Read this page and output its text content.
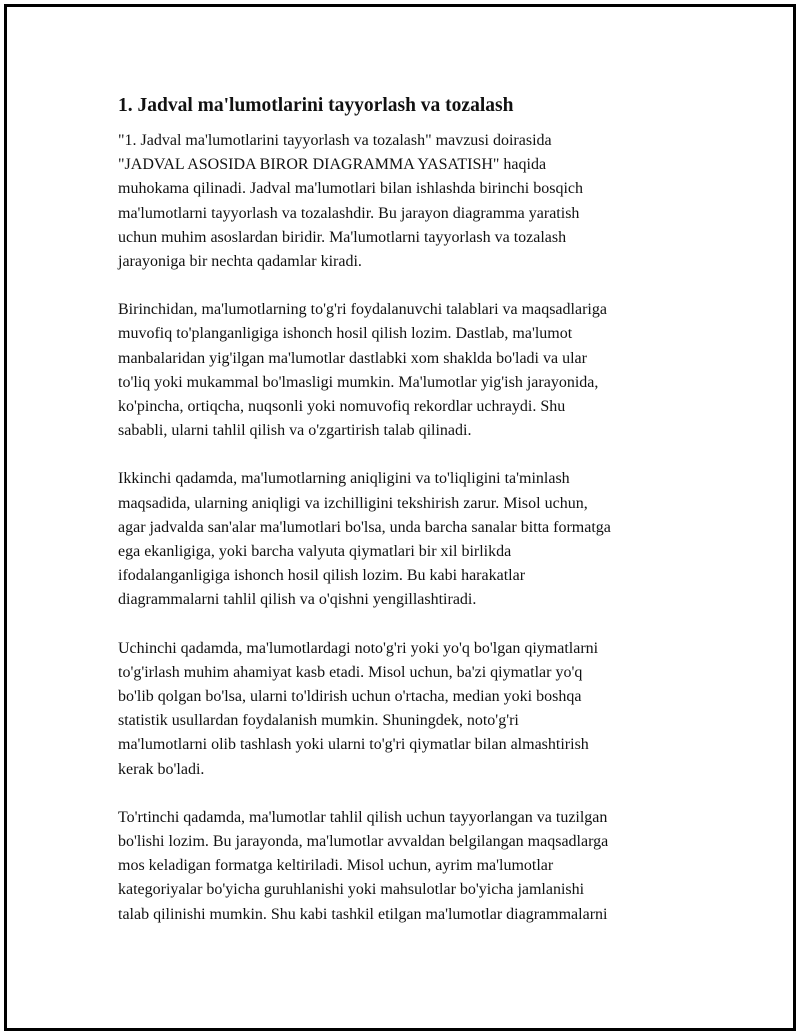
1. Jadval ma'lumotlarini tayyorlash va tozalash

"1. Jadval ma'lumotlarini tayyorlash va tozalash" mavzusi doirasida
"JADVAL ASOSIDA BIROR DIAGRAMMA YASATISH" haqida
muhokama qilinadi. Jadval ma'lumotlari bilan ishlashda birinchi bosqich
ma'lumotlarni tayyorlash va tozalashdir. Bu jarayon diagramma yaratish
uchun muhim asoslardan biridir. Ma'lumotlarni tayyorlash va tozalash
jarayoniga bir nechta qadamlar kiradi.

Birinchidan, ma'lumotlarning to'g'ri foydalanuvchi talablari va maqsadlariga
muvofiq to'planganligiga ishonch hosil qilish lozim. Dastlab, ma'lumot
manbalaridan yig'ilgan ma'lumotlar dastlabki xom shaklda bo'ladi va ular
to'liq yoki mukammal bo'lmasligi mumkin. Ma'lumotlar yig'ish jarayonida,
ko'pincha, ortiqcha, nuqsonli yoki nomuvofiq rekordlar uchraydi. Shu
sababli, ularni tahlil qilish va o'zgartirish talab qilinadi.

Ikkinchi qadamda, ma'lumotlarning aniqligini va to'liqligini ta'minlash
maqsadida, ularning aniqligi va izchilligini tekshirish zarur. Misol uchun,
agar jadvalda san'alar ma'lumotlari bo'lsa, unda barcha sanalar bitta formatga
ega ekanligiga, yoki barcha valyuta qiymatlari bir xil birlikda
ifodalanganligiga ishonch hosil qilish lozim. Bu kabi harakatlar
diagrammalarni tahlil qilish va o'qishni yengillashtiradi.

Uchinchi qadamda, ma'lumotlardagi noto'g'ri yoki yo'q bo'lgan qiymatlarni
to'g'irlash muhim ahamiyat kasb etadi. Misol uchun, ba'zi qiymatlar yo'q
bo'lib qolgan bo'lsa, ularni to'ldirish uchun o'rtacha, median yoki boshqa
statistik usullardan foydalanish mumkin. Shuningdek, noto'g'ri
ma'lumotlarni olib tashlash yoki ularni to'g'ri qiymatlar bilan almashtirish
kerak bo'ladi.

To'rtinchi qadamda, ma'lumotlar tahlil qilish uchun tayyorlangan va tuzilgan
bo'lishi lozim. Bu jarayonda, ma'lumotlar avvaldan belgilangan maqsadlarga
mos keladigan formatga keltiriladi. Misol uchun, ayrim ma'lumotlar
kategoriyalar bo'yicha guruhlanishi yoki mahsulotlar bo'yicha jamlanishi
talab qilinishi mumkin. Shu kabi tashkil etilgan ma'lumotlar diagrammalarni
